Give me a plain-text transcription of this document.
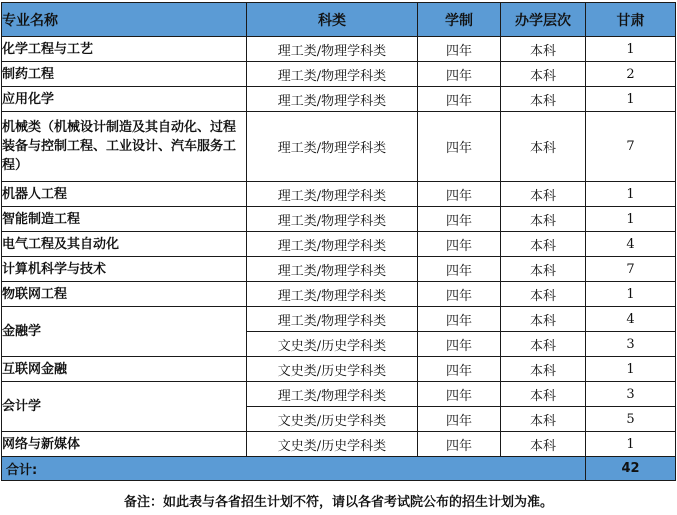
专业名称	科类	学制	办学层次	甘肃
化学工程与工艺	理工类/物理学科类	四年	本科	1
制药工程	理工类/物理学科类	四年	本科	2
应用化学	理工类/物理学科类	四年	本科	1
机械类（机械设计制造及其自动化、过程装备与控制工程、工业设计、汽车服务工程）	理工类/物理学科类	四年	本科	7
机器人工程	理工类/物理学科类	四年	本科	1
智能制造工程	理工类/物理学科类	四年	本科	1
电气工程及其自动化	理工类/物理学科类	四年	本科	4
计算机科学与技术	理工类/物理学科类	四年	本科	7
物联网工程	理工类/物理学科类	四年	本科	1
金融学	理工类/物理学科类	四年	本科	4
	文史类/历史学科类	四年	本科	3
互联网金融	文史类/历史学科类	四年	本科	1
会计学	理工类/物理学科类	四年	本科	3
	文史类/历史学科类	四年	本科	5
网络与新媒体	文史类/历史学科类	四年	本科	1
合计:				42
备注：如此表与各省招生计划不符，请以各省考试院公布的招生计划为准。
